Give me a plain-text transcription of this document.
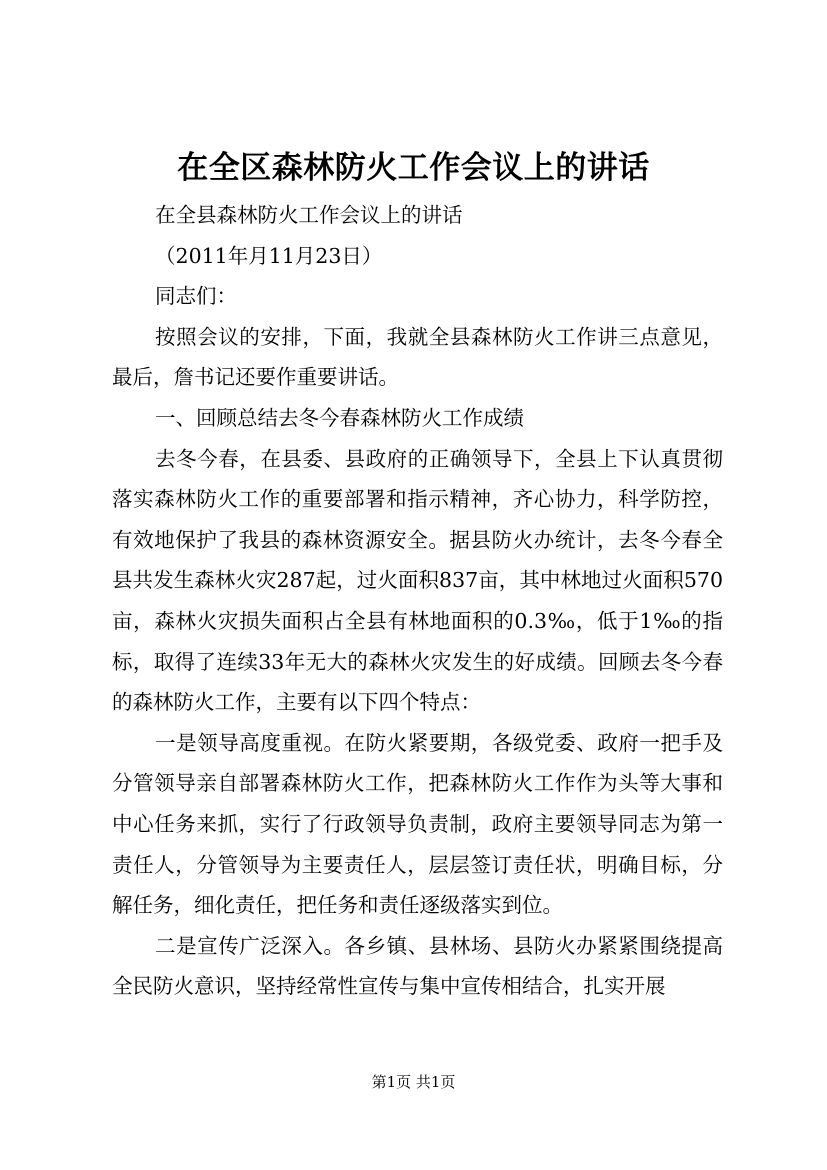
在全区森林防火工作会议上的讲话

在全县森林防火工作会议上的讲话

（2011年月11月23日）

同志们：

按照会议的安排，下面，我就全县森林防火工作讲三点意见，最后，詹书记还要作重要讲话。

一、回顾总结去冬今春森林防火工作成绩

去冬今春，在县委、县政府的正确领导下，全县上下认真贯彻落实森林防火工作的重要部署和指示精神，齐心协力，科学防控，有效地保护了我县的森林资源安全。据县防火办统计，去冬今春全县共发生森林火灾287起，过火面积837亩，其中林地过火面积570亩，森林火灾损失面积占全县有林地面积的0.3‰，低于1‰的指标，取得了连续33年无大的森林火灾发生的好成绩。回顾去冬今春的森林防火工作，主要有以下四个特点：

一是领导高度重视。在防火紧要期，各级党委、政府一把手及分管领导亲自部署森林防火工作，把森林防火工作作为头等大事和中心任务来抓，实行了行政领导负责制，政府主要领导同志为第一责任人，分管领导为主要责任人，层层签订责任状，明确目标，分解任务，细化责任，把任务和责任逐级落实到位。

二是宣传广泛深入。各乡镇、县林场、县防火办紧紧围绕提高全民防火意识，坚持经常性宣传与集中宣传相结合，扎实开展

第1页 共1页
